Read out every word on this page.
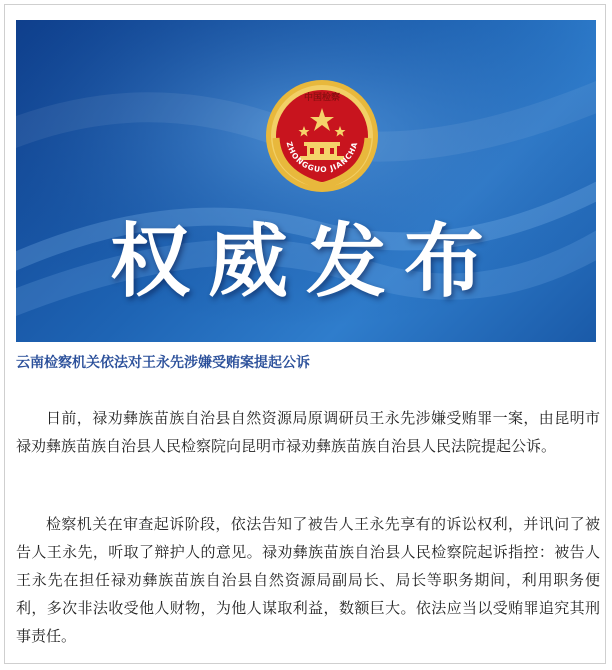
中国检察
ZHONGGUO JIANCHA
权威发布
云南检察机关依法对王永先涉嫌受贿案提起公诉
日前，禄劝彝族苗族自治县自然资源局原调研员王永先涉嫌受贿罪一案，由昆明市禄劝彝族苗族自治县人民检察院向昆明市禄劝彝族苗族自治县人民法院提起公诉。
检察机关在审查起诉阶段，依法告知了被告人王永先享有的诉讼权利，并讯问了被告人王永先，听取了辩护人的意见。禄劝彝族苗族自治县人民检察院起诉指控：被告人王永先在担任禄劝彝族苗族自治县自然资源局副局长、局长等职务期间，利用职务便利，多次非法收受他人财物，为他人谋取利益，数额巨大。依法应当以受贿罪追究其刑事责任。
